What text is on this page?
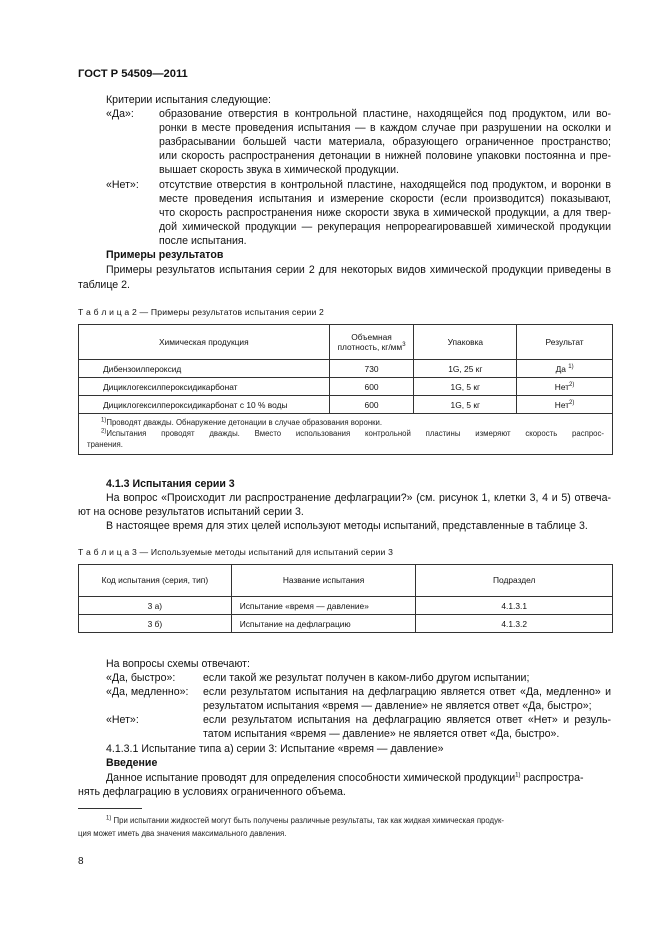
ГОСТ Р 54509—2011
Критерии испытания следующие:
«Да»: образование отверстия в контрольной пластине, находящейся под продуктом, или во-
ронки в месте проведения испытания — в каждом случае при разрушении на осколки и
разбрасывании большей части материала, образующего ограниченное пространство;
или скорость распространения детонации в нижней половине упаковки постоянна и пре-
вышает скорость звука в химической продукции.
«Нет»: отсутствие отверстия в контрольной пластине, находящейся под продуктом, и воронки в
месте проведения испытания и измерение скорости (если производится) показывают,
что скорость распространения ниже скорости звука в химической продукции, а для твер-
дой химической продукции — рекуперация непрореагировавшей химической продукции
после испытания.
Примеры результатов
Примеры результатов испытания серии 2 для некоторых видов химической продукции приведены в
таблице 2.
Т а б л и ц а 2 — Примеры результатов испытания серии 2
Химическая продукция	Объемная
плотность, $кг/мм^3$	Упаковка	Результат
Дибензоилпероксид	730	1G, 25 кг	Да $^{1)}$
Дициклогексилпероксидикарбонат	600	1G, 5 кг	Нет$^{2)}$
Дициклогексилпероксидикарбонат с 10 % воды	600	1G, 5 кг	Нет$^{2)}$

$^{1)}$Проводят дважды. Обнаружение детонации в случае образования воронки.
$^{2)}$Испытания проводят дважды. Вместо использования контрольной пластины измеряют скорость распрос-
транения.			
4.1.3 Испытания серии 3
На вопрос «Происходит ли распространение дефлаграции?» (см. рисунок 1, клетки 3, 4 и 5) отвеча-
ют на основе результатов испытаний серии 3.
В настоящее время для этих целей используют методы испытаний, представленные в таблице 3.
Т а б л и ц а 3 — Используемые методы испытаний для испытаний серии 3
Код испытания (серия, тип)	Название испытания	Подраздел
3 а)	Испытание «время — давление»	4.1.3.1
3 б)	Испытание на дефлаграцию	4.1.3.2
На вопросы схемы отвечают:
«Да, быстро»:	если такой же результат получен в каком-либо другом испытании;
«Да, медленно»: если результатом испытания на дефлаграцию является ответ «Да, медленно» и
результатом испытания «время — давление» не является ответ «Да, быстро»;
«Нет»:	если результатом испытания на дефлаграцию является ответ «Нет» и резуль-
татом испытания «время — давление» не является ответ «Да, быстро».
4.1.3.1 Испытание типа а) серии 3: Испытание «время — давление»
Введение
Данное испытание проводят для определения способности химической продукции$^{1)}$ распростра-
нять дефлаграцию в условиях ограниченного объема.
$^{1)}$ При испытании жидкостей могут быть получены различные результаты, так как жидкая химическая продук-
ция может иметь два значения максимального давления.
8
